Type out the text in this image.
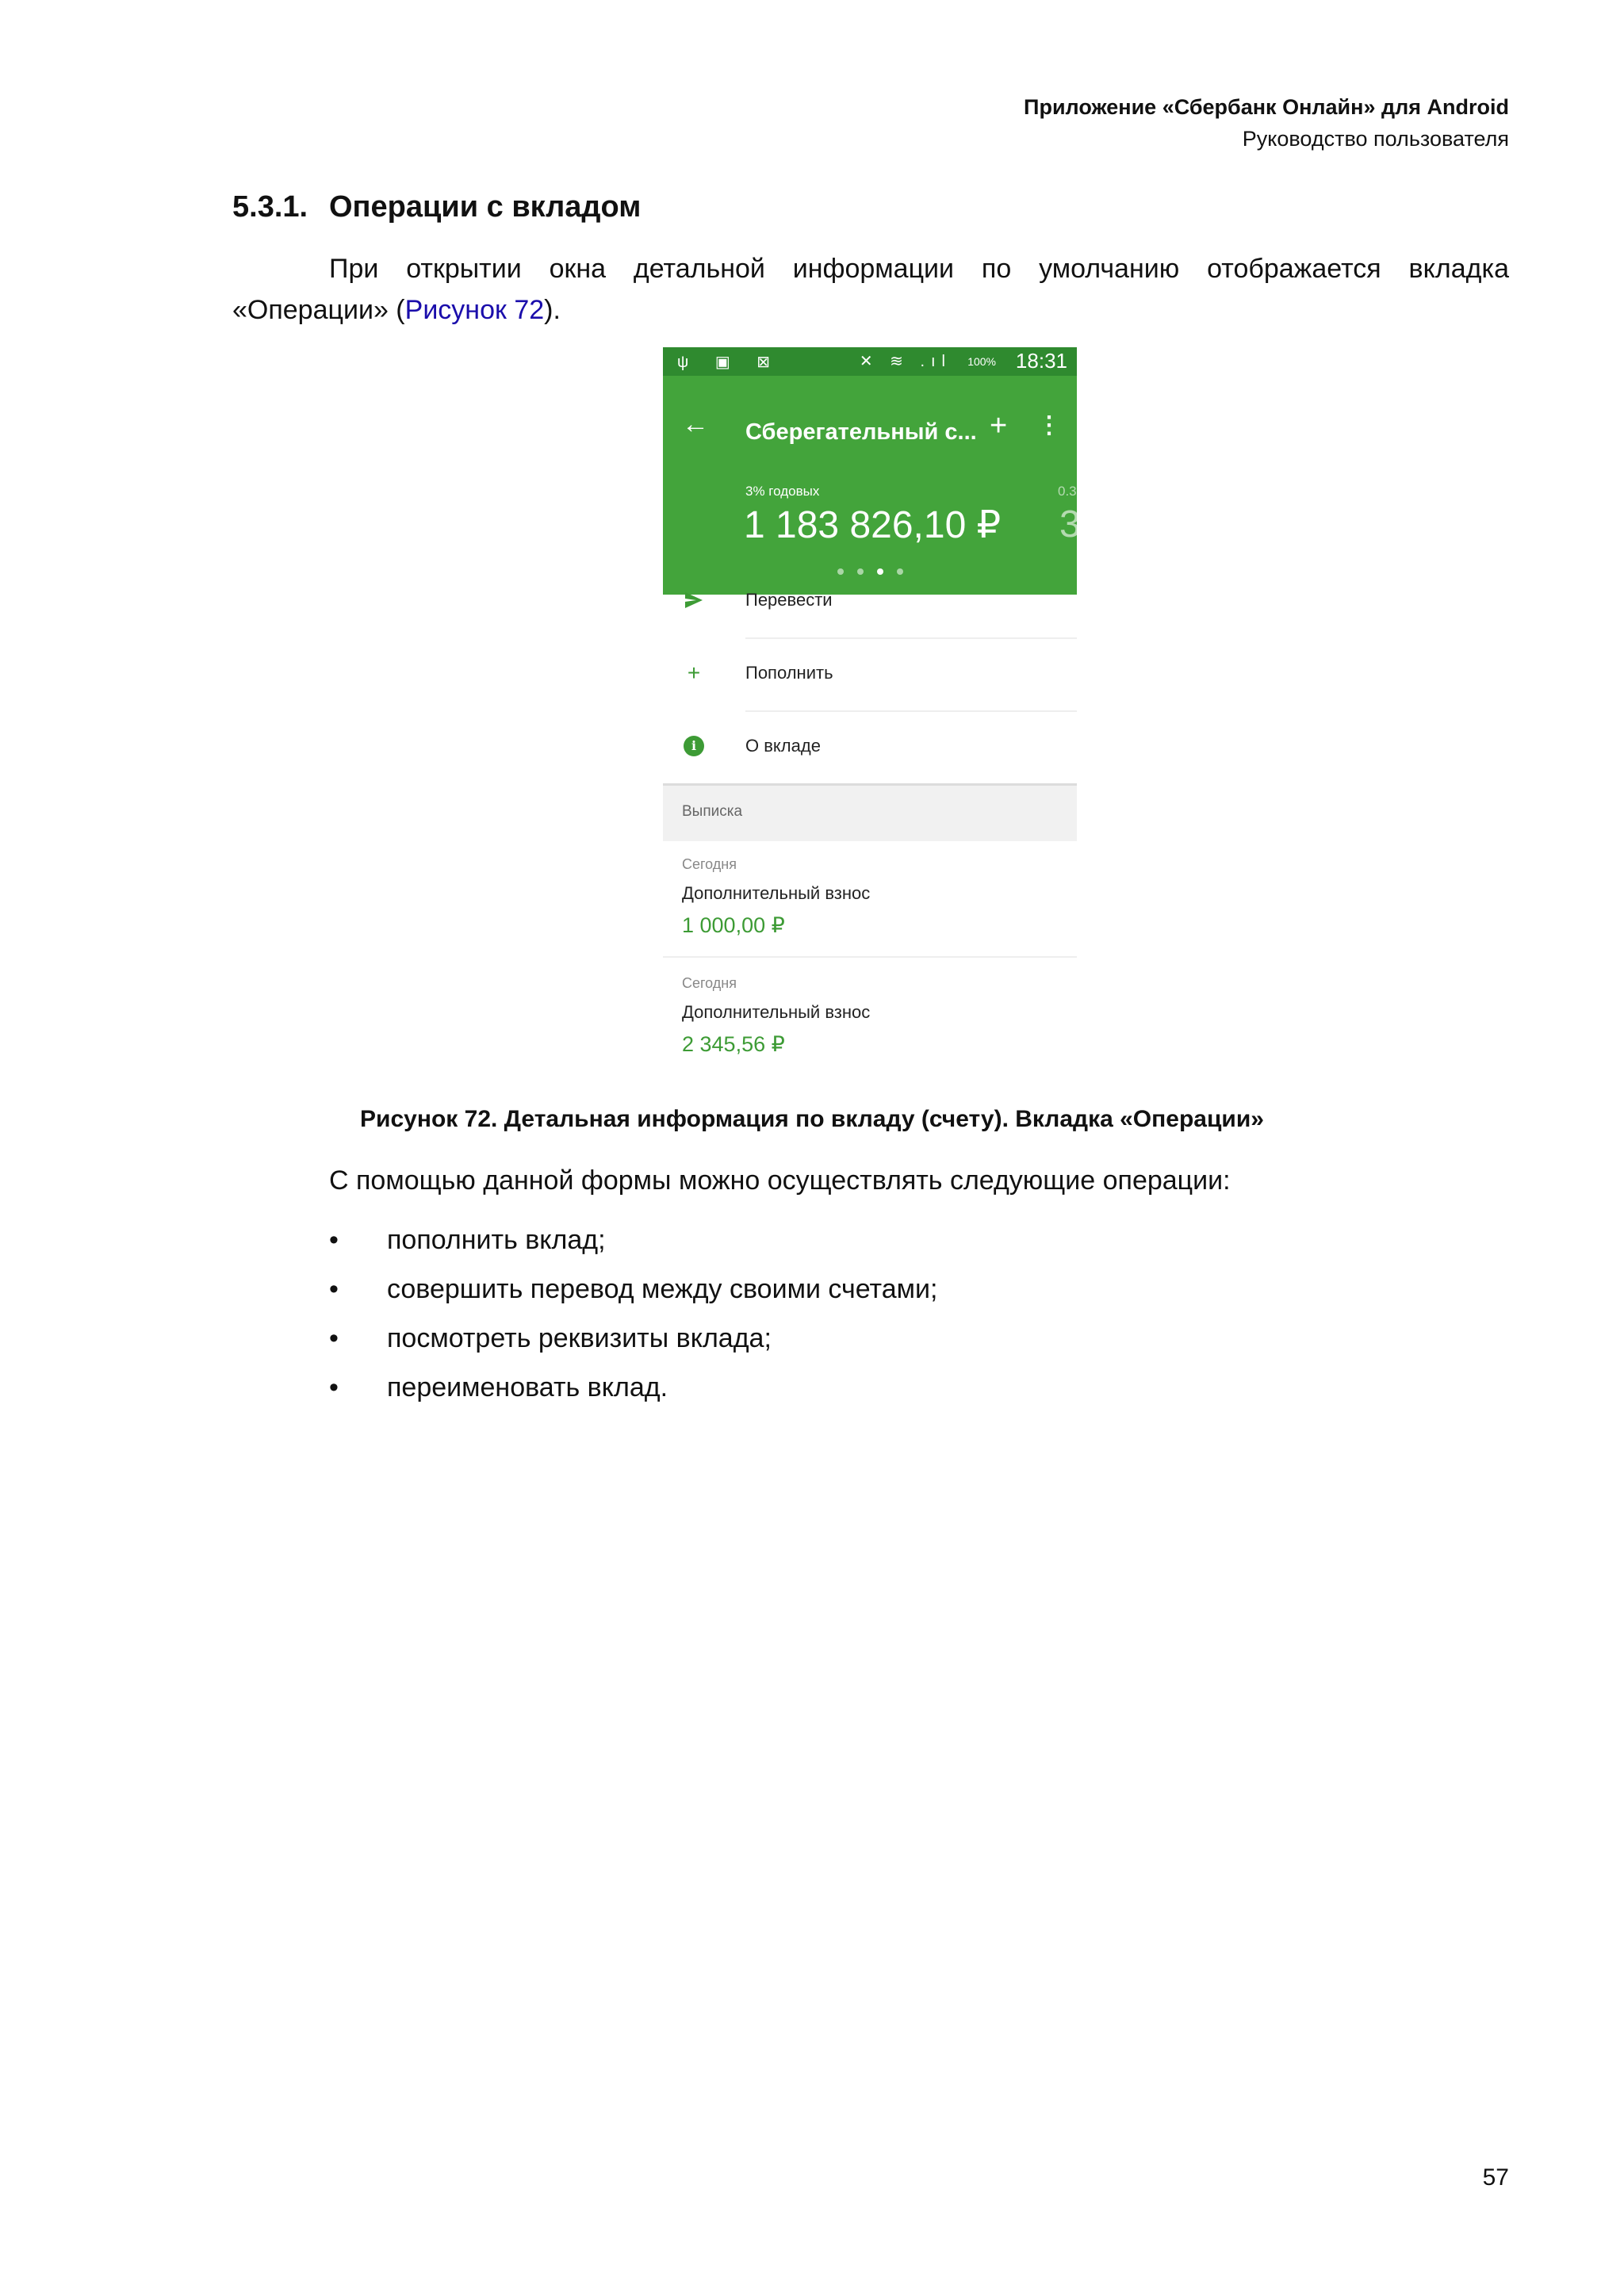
Приложение «Сбербанк Онлайн» для Android
Руководство пользователя
5.3.1. Операции с вкладом
При открытии окна детальной информации по умолчанию отображается вкладка
«Операции» (Рисунок 72).
ψ ▣ ⊠	✕ ≋ .ıl 100% 18:31
← Сберегательный с... + ⋮
3% годовых
1 183 826,10 ₽
0.3
3
Перевести
+	Пополнить
i	О вкладе
Выписка
Сегодня
Дополнительный взнос
1 000,00 ₽
Сегодня
Дополнительный взнос
2 345,56 ₽
Рисунок 72. Детальная информация по вкладу (счету). Вкладка «Операции»
С помощью данной формы можно осуществлять следующие операции:
• пополнить вклад;
• совершить перевод между своими счетами;
• посмотреть реквизиты вклада;
• переименовать вклад.
57
